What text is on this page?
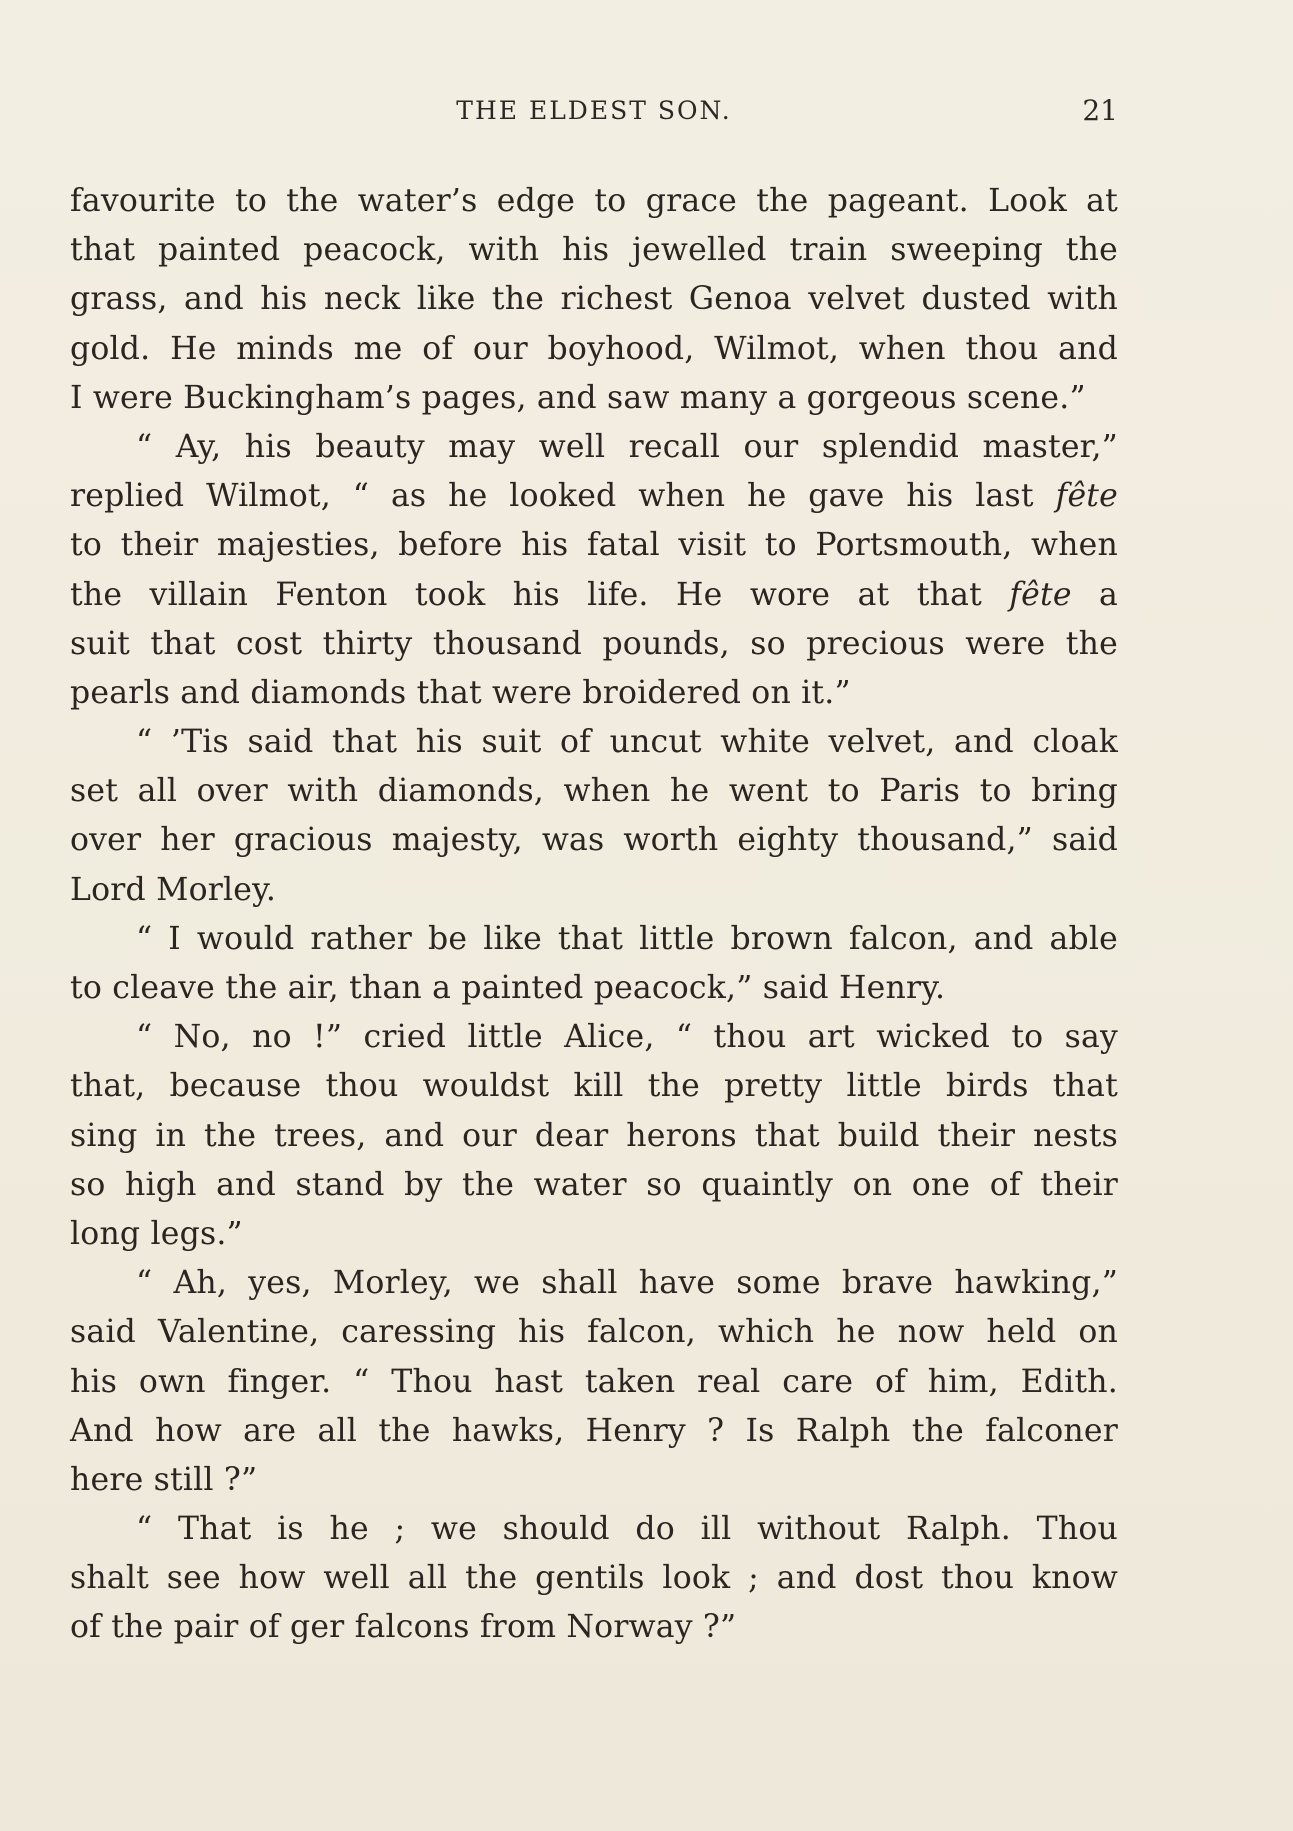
THE ELDEST SON.	21
favourite to the water’s edge to grace the pageant. Look at
that painted peacock, with his jewelled train sweeping the
grass, and his neck like the richest Genoa velvet dusted with
gold. He minds me of our boyhood, Wilmot, when thou and
I were Buckingham’s pages, and saw many a gorgeous scene.”
“ Ay, his beauty may well recall our splendid master,”
replied Wilmot, “ as he looked when he gave his last fête
to their majesties, before his fatal visit to Portsmouth, when
the villain Fenton took his life. He wore at that fête a
suit that cost thirty thousand pounds, so precious were the
pearls and diamonds that were broidered on it.”
“ ’Tis said that his suit of uncut white velvet, and cloak
set all over with diamonds, when he went to Paris to bring
over her gracious majesty, was worth eighty thousand,” said
Lord Morley.
“ I would rather be like that little brown falcon, and able
to cleave the air, than a painted peacock,” said Henry.
“ No, no !” cried little Alice, “ thou art wicked to say
that, because thou wouldst kill the pretty little birds that
sing in the trees, and our dear herons that build their nests
so high and stand by the water so quaintly on one of their
long legs.”
“ Ah, yes, Morley, we shall have some brave hawking,”
said Valentine, caressing his falcon, which he now held on
his own finger. “ Thou hast taken real care of him, Edith.
And how are all the hawks, Henry ? Is Ralph the falconer
here still ?”
“ That is he ; we should do ill without Ralph. Thou
shalt see how well all the gentils look ; and dost thou know
of the pair of ger falcons from Norway ?”
